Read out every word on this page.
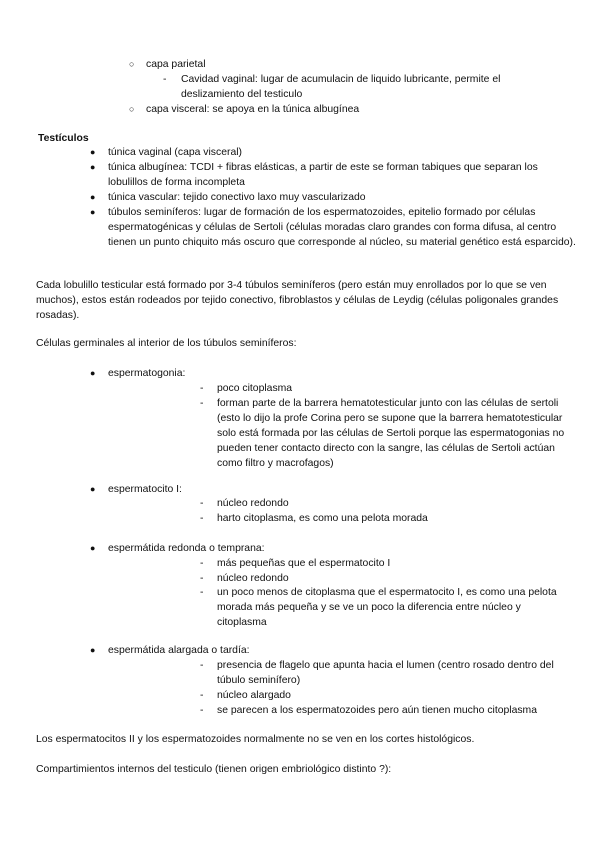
○ capa parietal
- Cavidad vaginal: lugar de acumulacin de liquido lubricante, permite el deslizamiento del testiculo
○ capa visceral: se apoya en la túnica albugínea
Testículos
● túnica vaginal (capa visceral)
● túnica albugínea: TCDI + fibras elásticas, a partir de este se forman tabiques que separan los lobulillos de forma incompleta
● túnica vascular: tejido conectivo laxo muy vascularizado
● túbulos seminíferos: lugar de formación de los espermatozoides, epitelio formado por células espermatogénicas y células de Sertoli (células moradas claro grandes con forma difusa, al centro tienen un punto chiquito más oscuro que corresponde al núcleo, su material genético está esparcido).

Cada lobulillo testicular está formado por 3-4 túbulos seminíferos (pero están muy enrollados por lo que se ven muchos), estos están rodeados por tejido conectivo, fibroblastos y células de Leydig (células poligonales grandes rosadas).

Células germinales al interior de los túbulos seminíferos:

● espermatogonia:
- poco citoplasma
- forman parte de la barrera hematotesticular junto con las células de sertoli (esto lo dijo la profe Corina pero se supone que la barrera hematotesticular solo está formada por las células de Sertoli porque las espermatogonias no pueden tener contacto directo con la sangre, las células de Sertoli actúan como filtro y macrofagos)
● espermatocito I:
- núcleo redondo
- harto citoplasma, es como una pelota morada
● espermátida redonda o temprana:
- más pequeñas que el espermatocito I
- núcleo redondo
- un poco menos de citoplasma que el espermatocito I, es como una pelota morada más pequeña y se ve un poco la diferencia entre núcleo y citoplasma
● espermátida alargada o tardía:
- presencia de flagelo que apunta hacia el lumen (centro rosado dentro del túbulo seminífero)
- núcleo alargado
- se parecen a los espermatozoides pero aún tienen mucho citoplasma

Los espermatocitos II y los espermatozoides normalmente no se ven en los cortes histológicos.

Compartimientos internos del testiculo (tienen origen embriológico distinto ?):
